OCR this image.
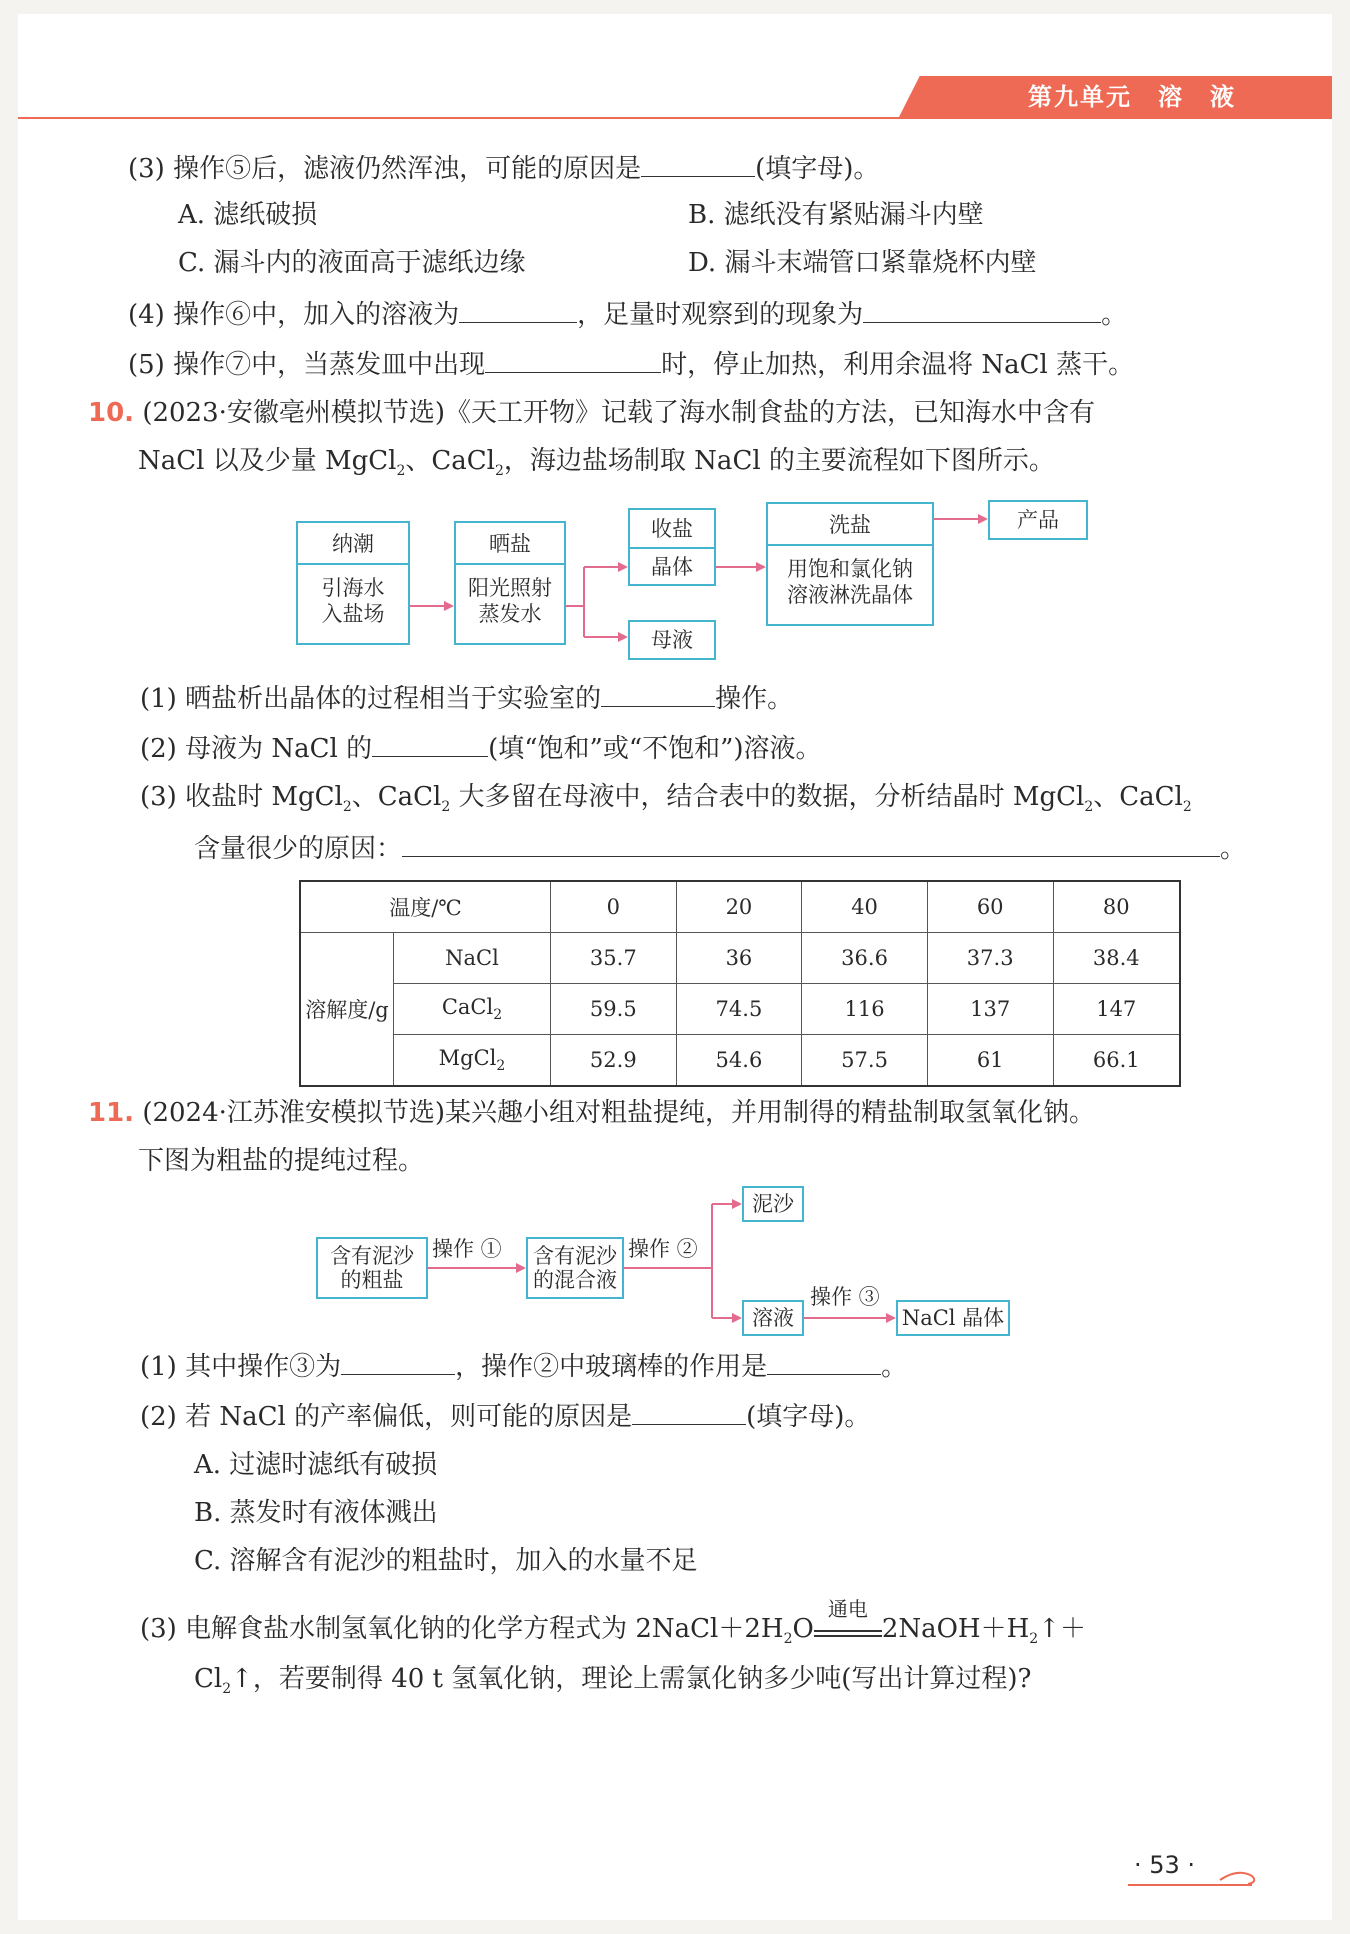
第九单元　溶　液
(3) 操作⑤后，滤液仍然浑浊，可能的原因是	(填字母)。
A. 滤纸破损	B. 滤纸没有紧贴漏斗内壁
C. 漏斗内的液面高于滤纸边缘	D. 漏斗末端管口紧靠烧杯内壁
(4) 操作⑥中，加入的溶液为	，足量时观察到的现象为	。
(5) 操作⑦中，当蒸发皿中出现	时，停止加热，利用余温将 NaCl 蒸干。
10. (2023·安徽亳州模拟节选)《天工开物》记载了海水制食盐的方法，已知海水中含有
NaCl 以及少量 MgCl$_2$、CaCl$_2$，海边盐场制取 NaCl 的主要流程如下图所示。
纳潮
引海水
入盐场
晒盐
阳光照射
蒸发水
收盐
晶体
母液
洗盐
用饱和氯化钠
溶液淋洗晶体
产品
(1) 晒盐析出晶体的过程相当于实验室的	操作。
(2) 母液为 NaCl 的	(填“饱和”或“不饱和”)溶液。
(3) 收盐时 MgCl$_2$、CaCl$_2$ 大多留在母液中，结合表中的数据，分析结晶时 MgCl$_2$、CaCl$_2$
含量很少的原因：	。
温度/℃		0	20	40	60	80
溶解度/g	NaCl	35.7	36	36.6	37.3	38.4
	CaCl$_2$	59.5	74.5	116	137	147
	MgCl$_2$	52.9	54.6	57.5	61	66.1
11. (2024·江苏淮安模拟节选)某兴趣小组对粗盐提纯，并用制得的精盐制取氢氧化钠。
下图为粗盐的提纯过程。
含有泥沙
的粗盐
操作 ① 含有泥沙
的混合液
操作 ②
泥沙
溶液
操作 ③
NaCl 晶体
(1) 其中操作③为	，操作②中玻璃棒的作用是	。
(2) 若 NaCl 的产率偏低，则可能的原因是	(填字母)。
A. 过滤时滤纸有破损
B. 蒸发时有液体溅出
C. 溶解含有泥沙的粗盐时，加入的水量不足
(3) 电解食盐水制氢氧化钠的化学方程式为 $2NaCl+2H_2O$
通电
$2NaOH+H_2↑+$
$Cl_2↑$，若要制得 40 t 氢氧化钠，理论上需氯化钠多少吨(写出计算过程)?
· 53 ·
